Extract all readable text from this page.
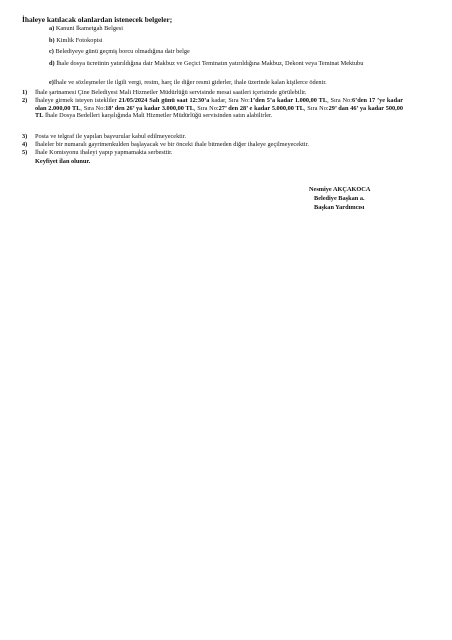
İhaleye katılacak olanlardan istenecek belgeler;
a) Kanuni İkametgah Belgesi
b) Kimlik Fotokopisi
c) Belediyeye günü geçmiş borcu olmadığına dair belge
d) İhale dosya ücretinin yatırıldığına dair Makbuz ve Geçici Teminatın yatırıldığına Makbuz, Dekont veya Teminat Mektubu
e)İhale ve sözleşmeler ile ilgili vergi, resim, harç ile diğer resmi giderler, ihale üzerinde kalan kişilerce ödenir.
1) İhale şartnamesi Çine Belediyesi Mali Hizmetler Müdürlüğü servisinde mesai saatleri içerisinde görülebilir.
2) İhaleye girmek isteyen istekliler 21/05/2024 Salı günü saat 12:30’a kadar, Sıra No:1’den 5’a kadar 1.000,00 TL, Sıra No:6’den 17 ’ye kadar olan 2.000,00 TL, Sıra No:18’ den 26’ ya kadar 3.000,00 TL, Sıra No:27’ den 28’ e kadar 5.000,00 TL, Sıra No:29’ dan 46’ ya kadar 500,00 TL İhale Dosya Bedelleri karşılığında Mali Hizmetler Müdürlüğü servisinden satın alabilirler.
3) Posta ve telgraf ile yapılan başvurular kabul edilmeyecektir.
4) İhaleler bir numaralı gayrimenkulden başlayacak ve bir önceki ihale bitmeden diğer ihaleye geçilmeyecektir.
5) İhale Komisyonu ihaleyi yapıp yapmamakta serbesttir.
Keyfiyet ilan olunur.
Nesmiye AKÇAKOCA
Belediye Başkan a.
Başkan Yardımcısı
